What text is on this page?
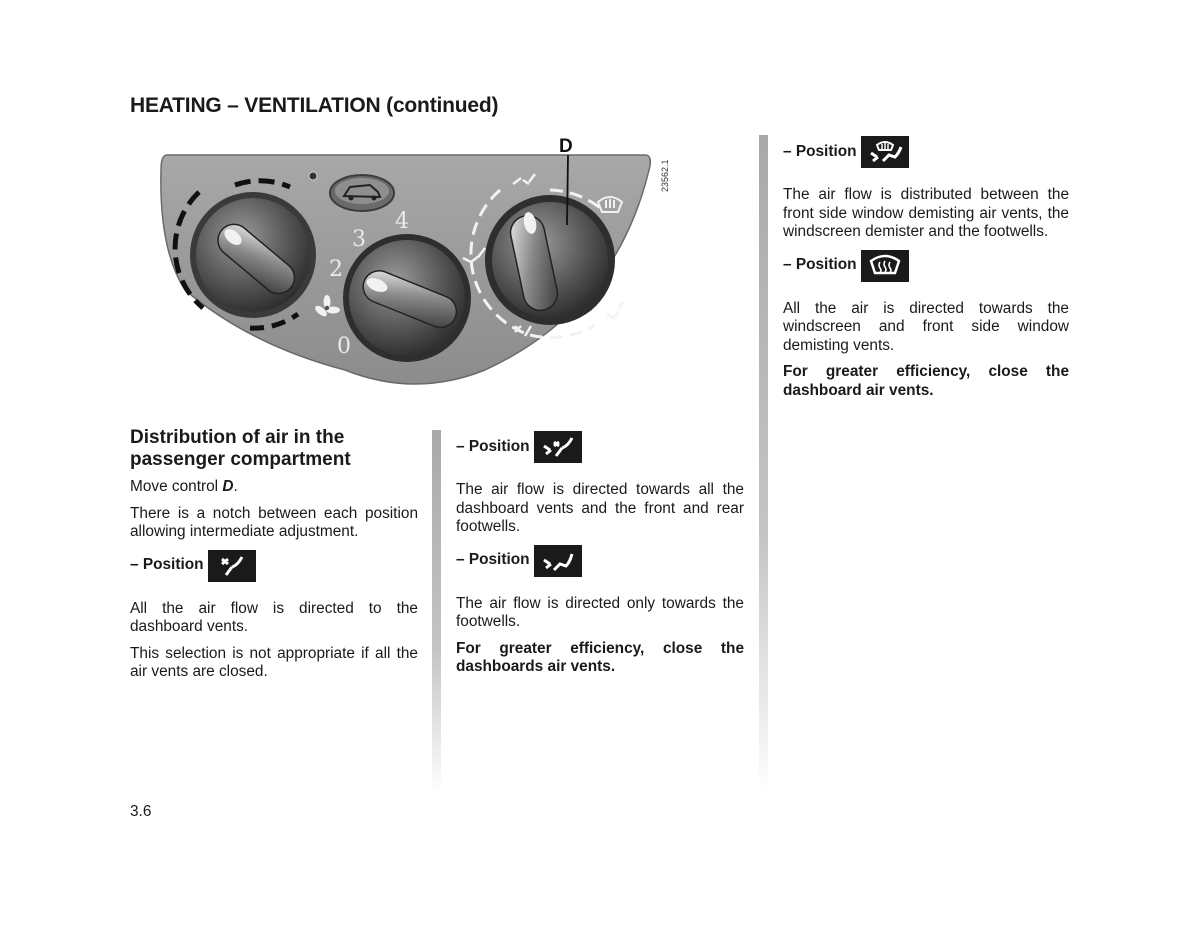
HEATING – VENTILATION (continued)
4
3
2
0
D
23562.1
Distribution of air in the passenger compartment

Move control D.

There is a notch between each position allowing intermediate adjustment.

– Position

All the air flow is directed to the dashboard vents.

This selection is not appropriate if all the air vents are closed.

– Position

The air flow is directed towards all the dashboard vents and the front and rear footwells.

– Position

The air flow is directed only towards the footwells.

For greater efficiency, close the dashboards air vents.

– Position

The air flow is distributed between the front side window demisting air vents, the windscreen demister and the footwells.

– Position

All the air is directed towards the windscreen and front side window demisting vents.

For greater efficiency, close the dashboard air vents.

3.6
